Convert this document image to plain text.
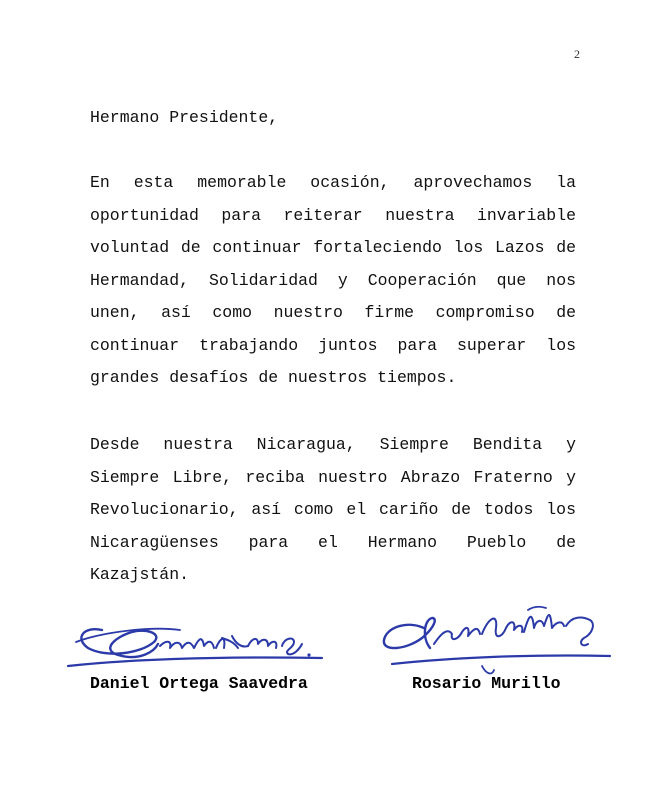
2
Hermano Presidente,
En esta memorable ocasión, aprovechamos la oportunidad para reiterar nuestra invariable voluntad de continuar fortaleciendo los Lazos de Hermandad, Solidaridad y Cooperación que nos unen, así como nuestro firme compromiso de continuar trabajando juntos para superar los grandes desafíos de nuestros tiempos.
Desde nuestra Nicaragua, Siempre Bendita y Siempre Libre, reciba nuestro Abrazo Fraterno y Revolucionario, así como el cariño de todos los Nicaragüenses para el Hermano Pueblo de Kazajstán.
Daniel Ortega Saavedra	Rosario Murillo
